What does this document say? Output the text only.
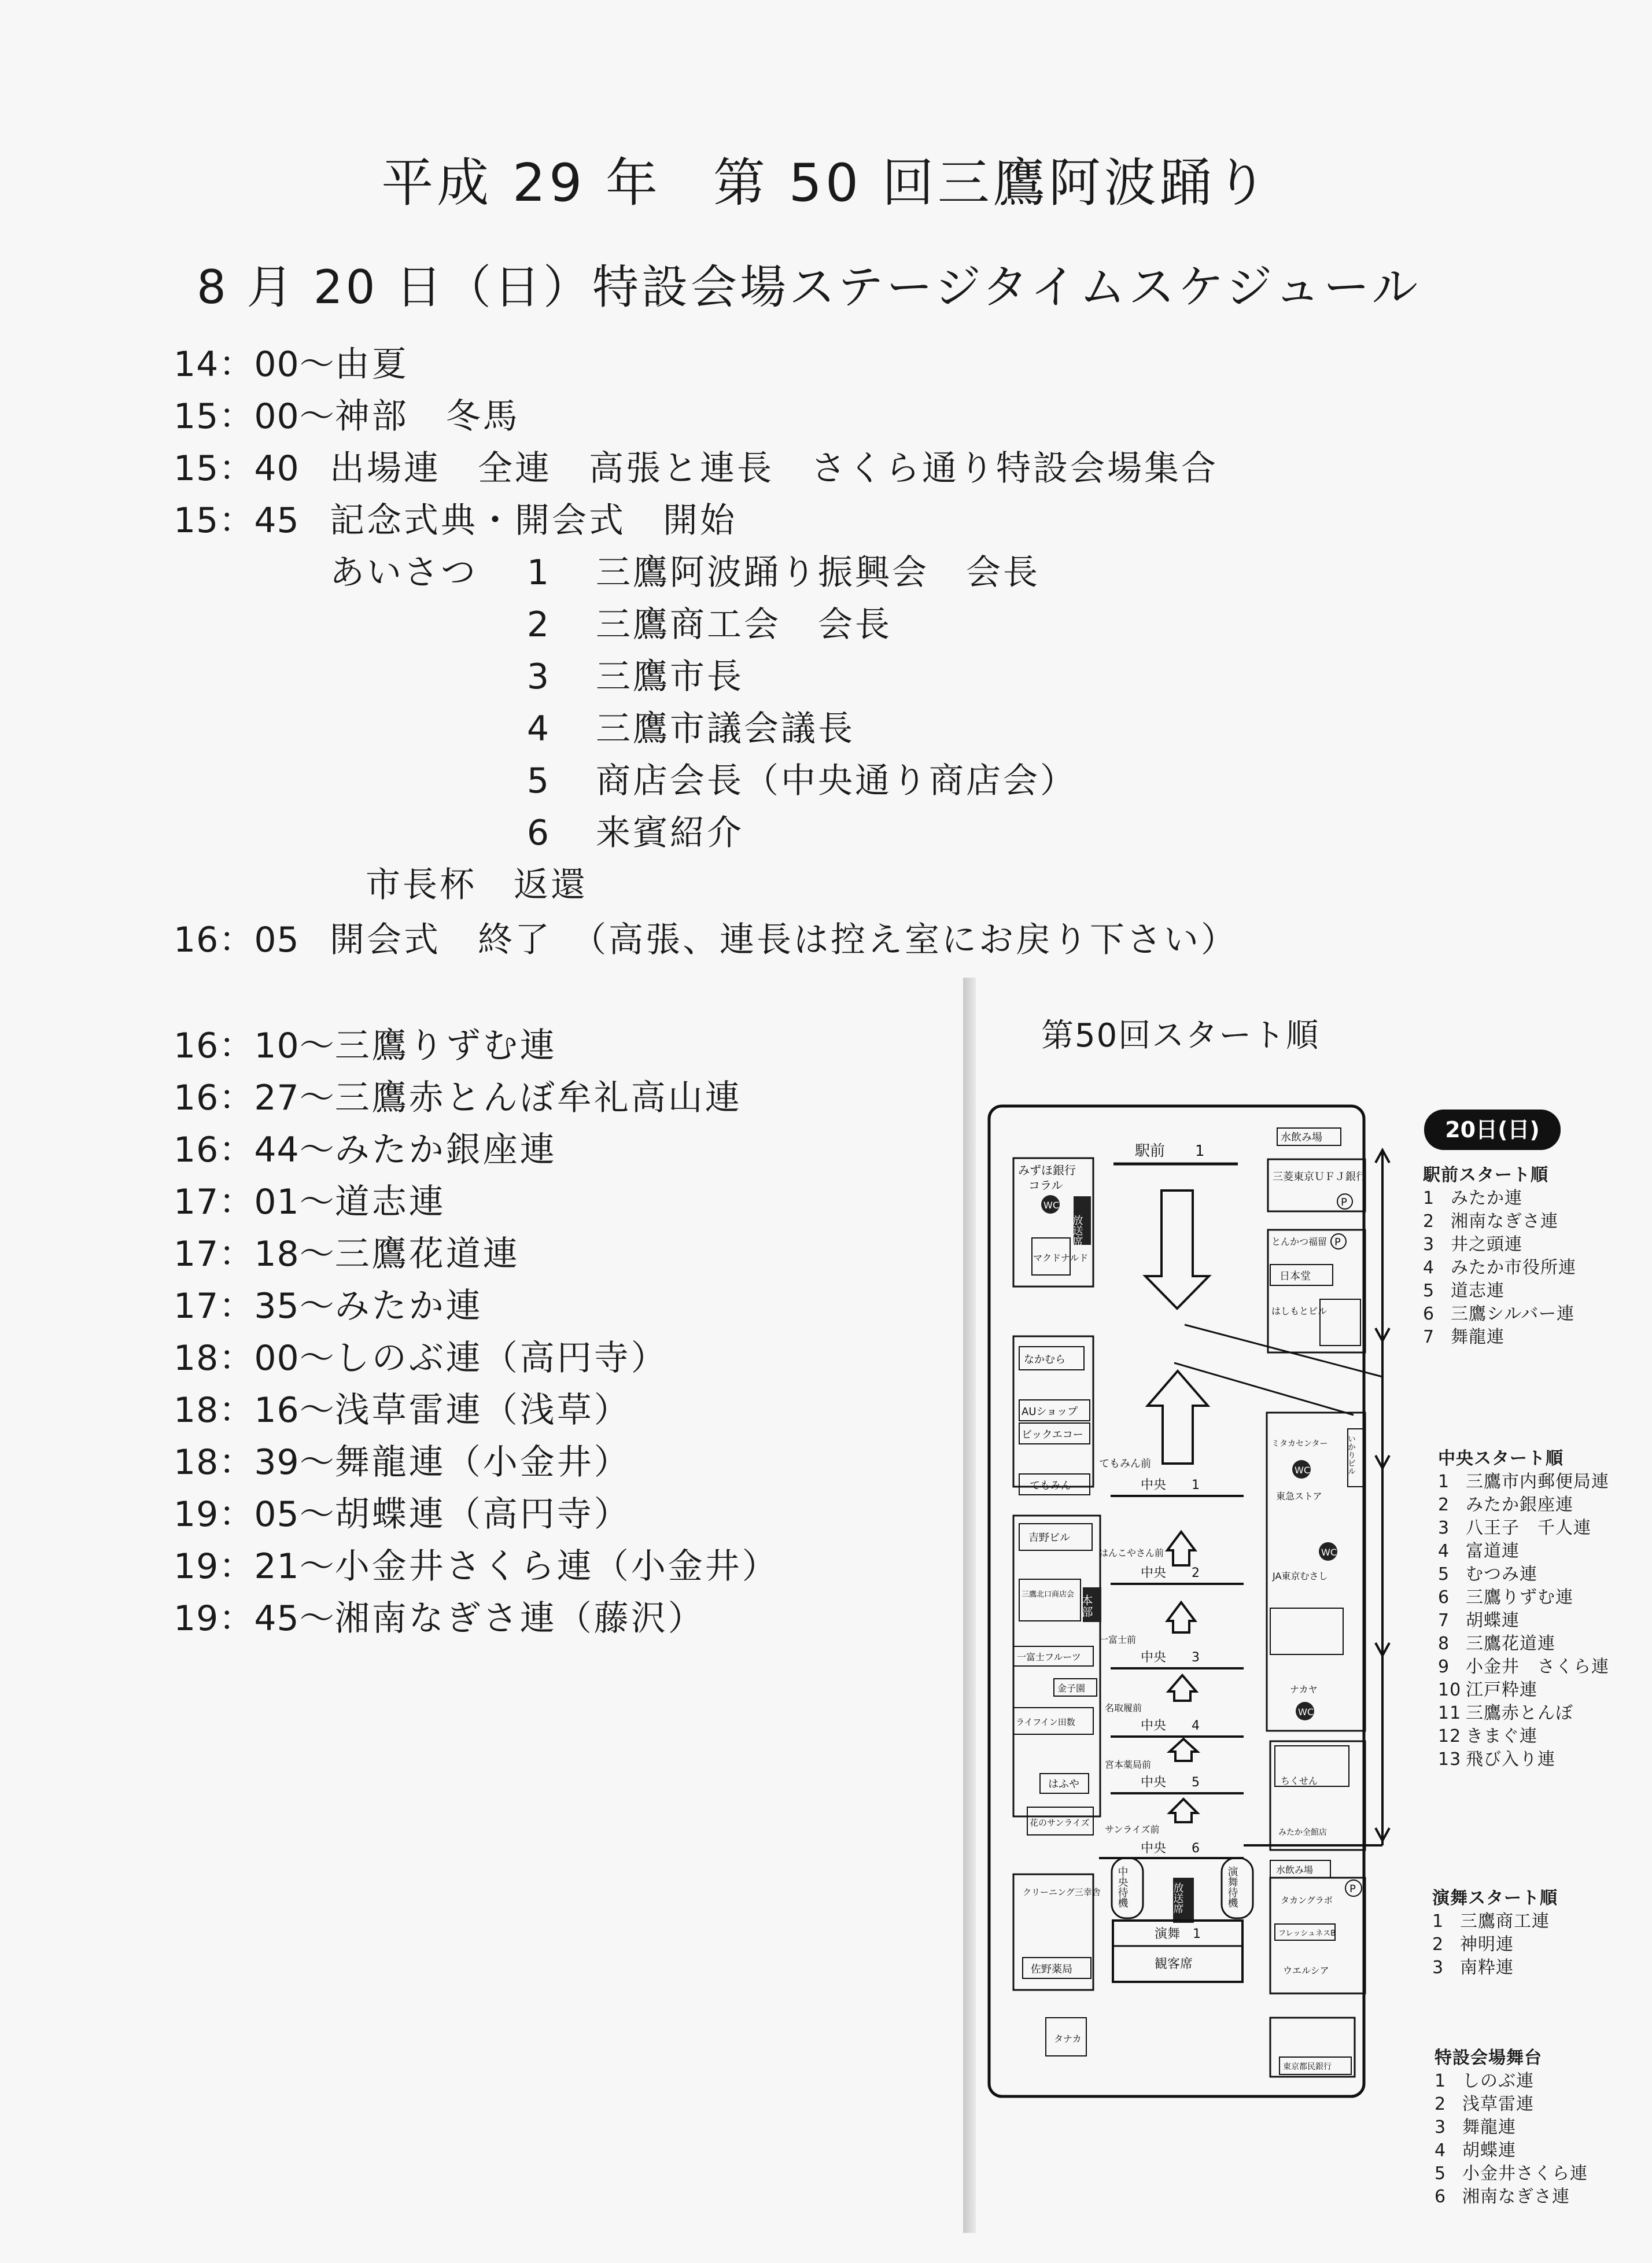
平成 29 年 第 50 回三鷹阿波踊り
8 月 20 日（日）特設会場ステージタイムスケジュール
14：00～由夏
15：00～神部　冬馬
15：40 出場連　全連　高張と連長　さくら通り特設会場集合
15：45 記念式典・開会式　開始
あいさつ 1 三鷹阿波踊り振興会　会長
2 三鷹商工会　会長
3 三鷹市長
4 三鷹市議会議長
5 商店会長（中央通り商店会）
6 来賓紹介
市長杯　返還
16：05 開会式　終了　（高張、連長は控え室にお戻り下さい）
16：10～三鷹りずむ連
16：27～三鷹赤とんぼ牟礼高山連
16：44～みたか銀座連
17：01～道志連
17：18～三鷹花道連
17：35～みたか連
18：00～しのぶ連（高円寺）
18：16～浅草雷連（浅草）
18：39～舞龍連（小金井）
19：05～胡蝶連（高円寺）
19：21～小金井さくら連（小金井）
19：45～湘南なぎさ連（藤沢）
第50回スタート順
駅前　　1
みずほ銀行
コラル
WC
放送席
マクドナルド
水飲み場
三菱東京ＵＦＪ銀行
P
とんかつ福留 P
日本堂
はしもとビル
なかむら
AUショップ
ビックエコー
てもみん
てもみん前
中央　　1
ミタカセンター いかりビル
WC
東急ストア
WC
JA東京むさし
ナカヤ
WC
吉野ビル
三鷹北口商店会 本部
一富士フルーツ
はんこやさん前
中央　　2
一富士前
中央　　3
金子園
ライフイン田数
名取履前
中央　　4
はふや
宮本薬局前
中央　　5
花のサンライズ
サンライズ前
中央　　6
ちくせん
みたか全館店
中央待機	演舞待機
放送席
演舞　1
観客席
クリーニング三幸舎
佐野薬局
タナカ
水飲み場
P
タカングラボ
フレッシュネスB
ウエルシア
東京都民銀行
20日(日)
駅前スタート順
1 みたか連
2 湘南なぎさ連
3 井之頭連
4 みたか市役所連
5 道志連
6 三鷹シルバー連
7 舞龍連
中央スタート順
1 三鷹市内郵便局連
2 みたか銀座連
3 八王子　千人連
4 富道連
5 むつみ連
6 三鷹りずむ連
7 胡蝶連
8 三鷹花道連
9 小金井　さくら連
10 江戸粋連
11 三鷹赤とんぼ
12 きまぐ連
13 飛び入り連
演舞スタート順
1 三鷹商工連
2 神明連
3 南粋連
特設会場舞台
1 しのぶ連
2 浅草雷連
3 舞龍連
4 胡蝶連
5 小金井さくら連
6 湘南なぎさ連
